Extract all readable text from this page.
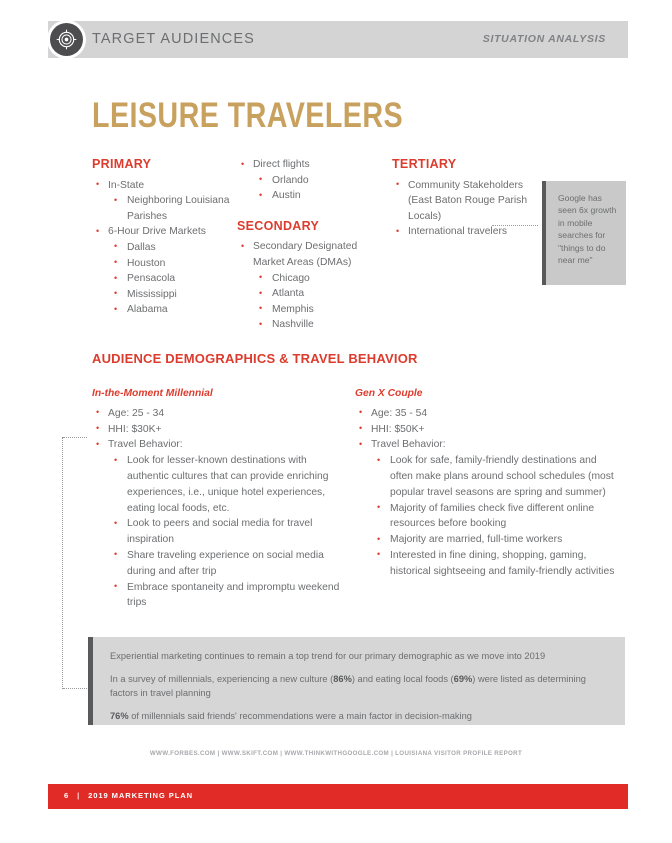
TARGET AUDIENCES	SITUATION ANALYSIS
LEISURE TRAVELERS
PRIMARY
• In-State
• Neighboring Louisiana Parishes
• 6-Hour Drive Markets
• Dallas
• Houston
• Pensacola
• Mississippi
• Alabama
• Direct flights
• Orlando
• Austin
SECONDARY
• Secondary Designated Market Areas (DMAs)
• Chicago
• Atlanta
• Memphis
• Nashville
TERTIARY
• Community Stakeholders (East Baton Rouge Parish Locals)
• International travelers
Google has seen 6x growth in mobile searches for "things to do near me"
AUDIENCE DEMOGRAPHICS & TRAVEL BEHAVIOR
In-the-Moment Millennial
• Age: 25 - 34
• HHI: $30K+
• Travel Behavior:
• Look for lesser-known destinations with authentic cultures that can provide enriching experiences, i.e., unique hotel experiences, eating local foods, etc.
• Look to peers and social media for travel inspiration
• Share traveling experience on social media during and after trip
• Embrace spontaneity and impromptu weekend trips
Gen X Couple
• Age: 35 - 54
• HHI: $50K+
• Travel Behavior:
• Look for safe, family-friendly destinations and often make plans around school schedules (most popular travel seasons are spring and summer)
• Majority of families check five different online resources before booking
• Majority are married, full-time workers
• Interested in fine dining, shopping, gaming, historical sightseeing and family-friendly activities

Experiential marketing continues to remain a top trend for our primary demographic as we move into 2019

In a survey of millennials, experiencing a new culture (86%) and eating local foods (69%) were listed as determining factors in travel planning

76% of millennials said friends' recommendations were a main factor in decision-making

WWW.FORBES.COM | WWW.SKIFT.COM | WWW.THINKWITHGOOGLE.COM | LOUISIANA VISITOR PROFILE REPORT
6 | 2019 MARKETING PLAN
